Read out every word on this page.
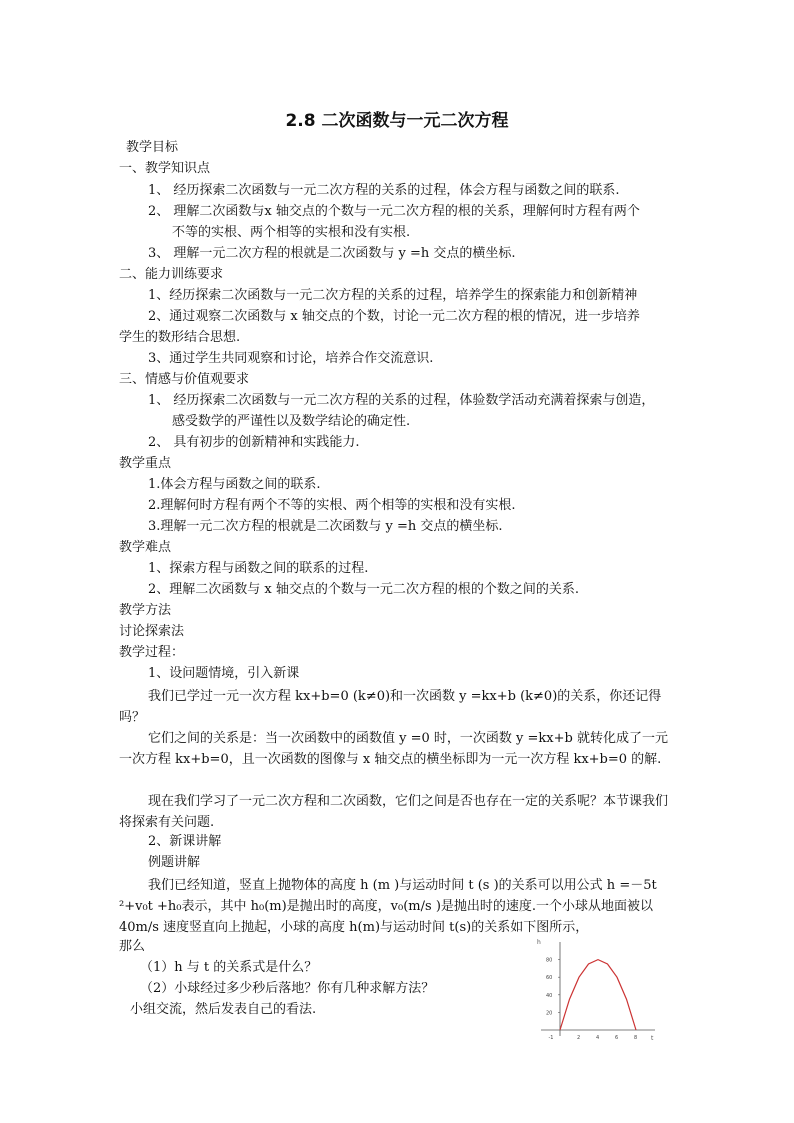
2.8 二次函数与一元二次方程
教学目标
一、教学知识点
1、 经历探索二次函数与一元二次方程的关系的过程，体会方程与函数之间的联系.
2、 理解二次函数与x 轴交点的个数与一元二次方程的根的关系，理解何时方程有两个
不等的实根、两个相等的实根和没有实根.
3、 理解一元二次方程的根就是二次函数与 y =h 交点的横坐标.
二、能力训练要求
1、经历探索二次函数与一元二次方程的关系的过程，培养学生的探索能力和创新精神
2、通过观察二次函数与 x 轴交点的个数，讨论一元二次方程的根的情况，进一步培养
学生的数形结合思想.
3、通过学生共同观察和讨论，培养合作交流意识.
三、情感与价值观要求
1、 经历探索二次函数与一元二次方程的关系的过程，体验数学活动充满着探索与创造，
感受数学的严谨性以及数学结论的确定性.
2、 具有初步的创新精神和实践能力.
教学重点
1.体会方程与函数之间的联系.
2.理解何时方程有两个不等的实根、两个相等的实根和没有实根.
3.理解一元二次方程的根就是二次函数与 y =h 交点的横坐标.
教学难点
1、探索方程与函数之间的联系的过程.
2、理解二次函数与 x 轴交点的个数与一元二次方程的根的个数之间的关系.
教学方法
讨论探索法
教学过程：
1、设问题情境，引入新课
我们已学过一元一次方程 kx+b=0 (k≠0)和一次函数 y =kx+b (k≠0)的关系，你还记得吗？
它们之间的关系是：当一次函数中的函数值 y =0 时，一次函数 y =kx+b 就转化成了一元一次方程 kx+b=0，且一次函数的图像与 x 轴交点的横坐标即为一元一次方程 kx+b=0 的解.
现在我们学习了一元二次方程和二次函数，它们之间是否也存在一定的关系呢？本节课我们将探索有关问题.
2、新课讲解
例题讲解
我们已经知道，竖直上抛物体的高度 h (m )与运动时间 t (s )的关系可以用公式 h =－5t ²+v₀t +h₀表示，其中 h₀(m)是抛出时的高度，v₀(m/s )是抛出时的速度.一个小球从地面被以 40m/s 速度竖直向上抛起，小球的高度 h(m)与运动时间 t(s)的关系如下图所示，
那么
（1）h 与 t 的关系式是什么？
（2）小球经过多少秒后落地？你有几种求解方法？
小组交流，然后发表自己的看法.
t
h
-1	2	4	6	8
20
40
60
80
